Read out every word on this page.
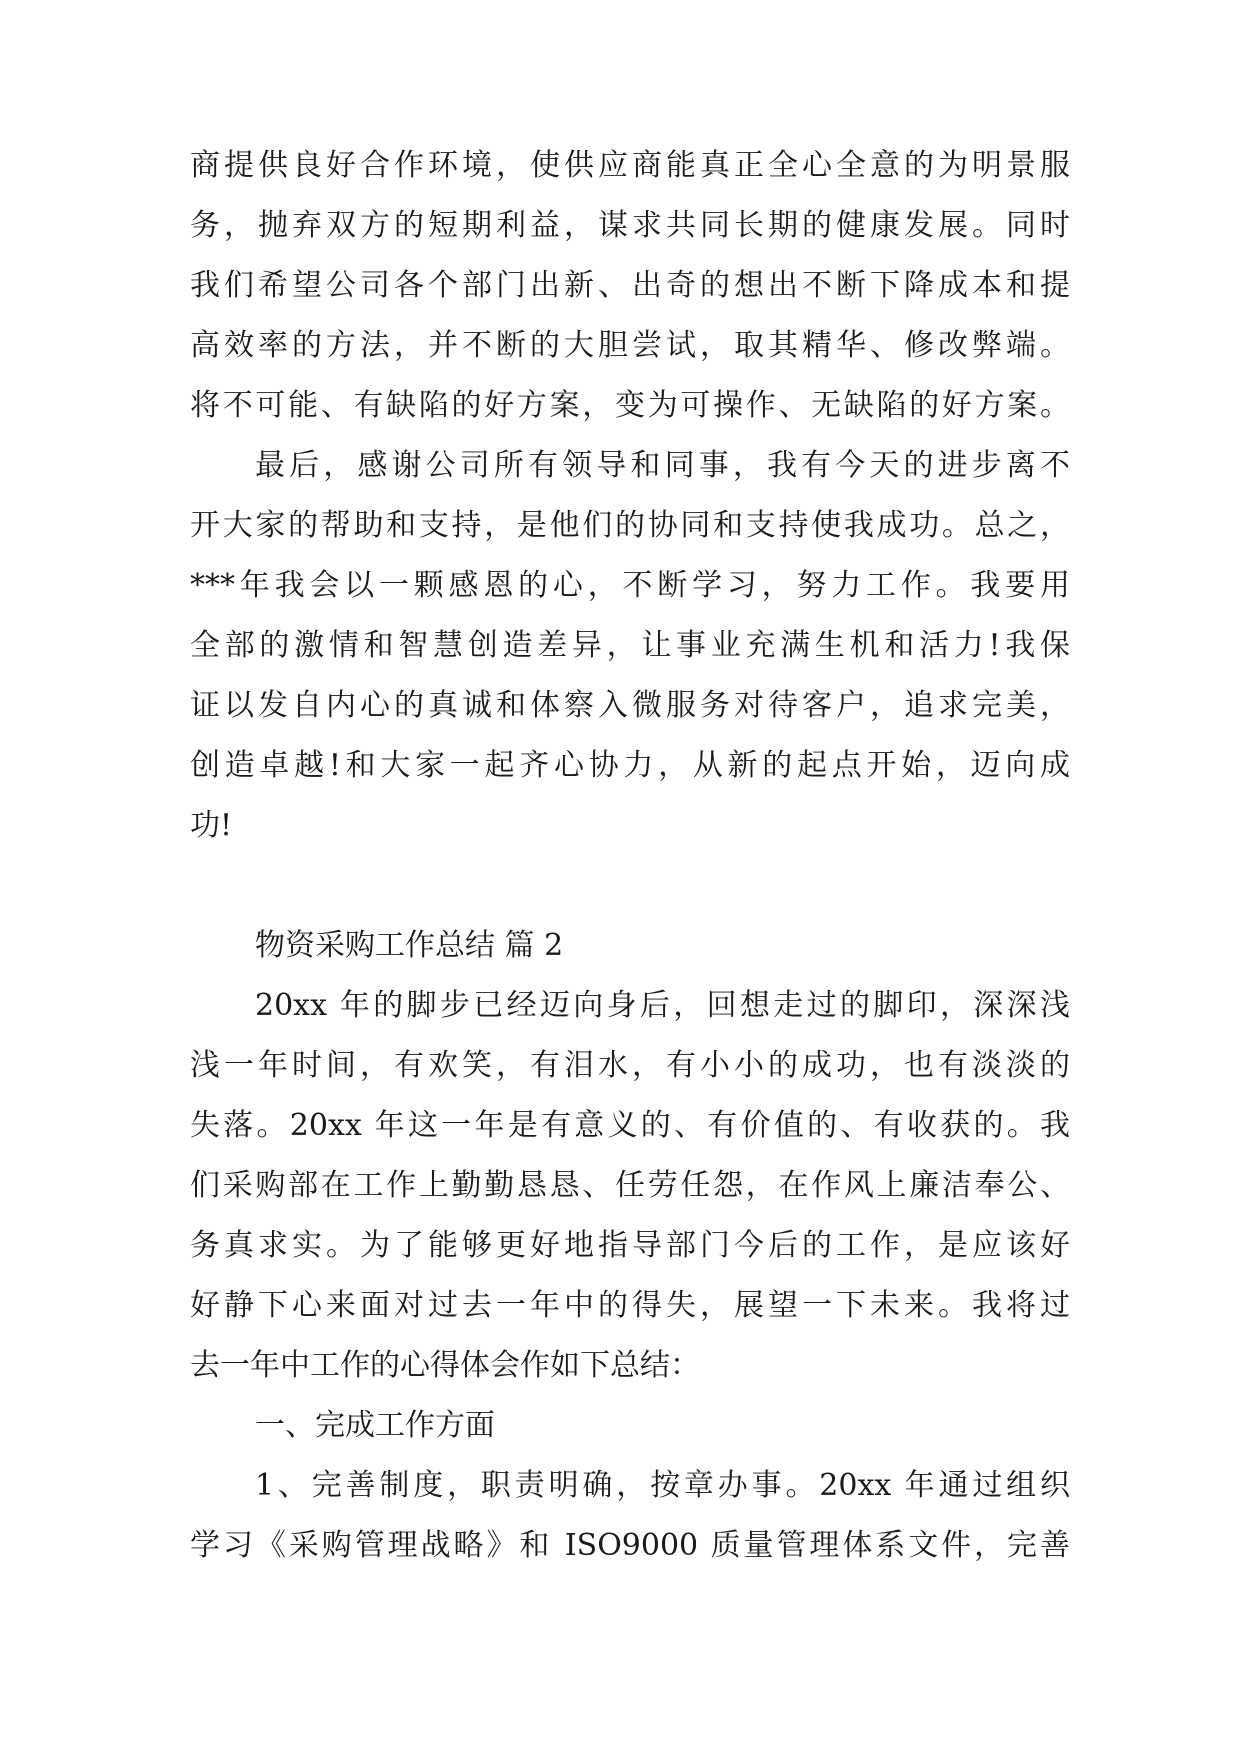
商提供良好合作环境，使供应商能真正全心全意的为明景服
务，抛弃双方的短期利益，谋求共同长期的健康发展。同时
我们希望公司各个部门出新、出奇的想出不断下降成本和提
高效率的方法，并不断的大胆尝试，取其精华、修改弊端。
将不可能、有缺陷的好方案，变为可操作、无缺陷的好方案。
最后，感谢公司所有领导和同事，我有今天的进步离不
开大家的帮助和支持，是他们的协同和支持使我成功。总之，
***年我会以一颗感恩的心，不断学习，努力工作。我要用
全部的激情和智慧创造差异，让事业充满生机和活力!我保
证以发自内心的真诚和体察入微服务对待客户，追求完美，
创造卓越!和大家一起齐心协力，从新的起点开始，迈向成
功!
物资采购工作总结 篇 2
20xx 年的脚步已经迈向身后，回想走过的脚印，深深浅
浅一年时间，有欢笑，有泪水，有小小的成功，也有淡淡的
失落。20xx 年这一年是有意义的、有价值的、有收获的。我
们采购部在工作上勤勤恳恳、任劳任怨，在作风上廉洁奉公、
务真求实。为了能够更好地指导部门今后的工作，是应该好
好静下心来面对过去一年中的得失，展望一下未来。我将过
去一年中工作的心得体会作如下总结：
一、完成工作方面
1、完善制度，职责明确，按章办事。20xx 年通过组织
学习《采购管理战略》和 ISO9000 质量管理体系文件，完善
